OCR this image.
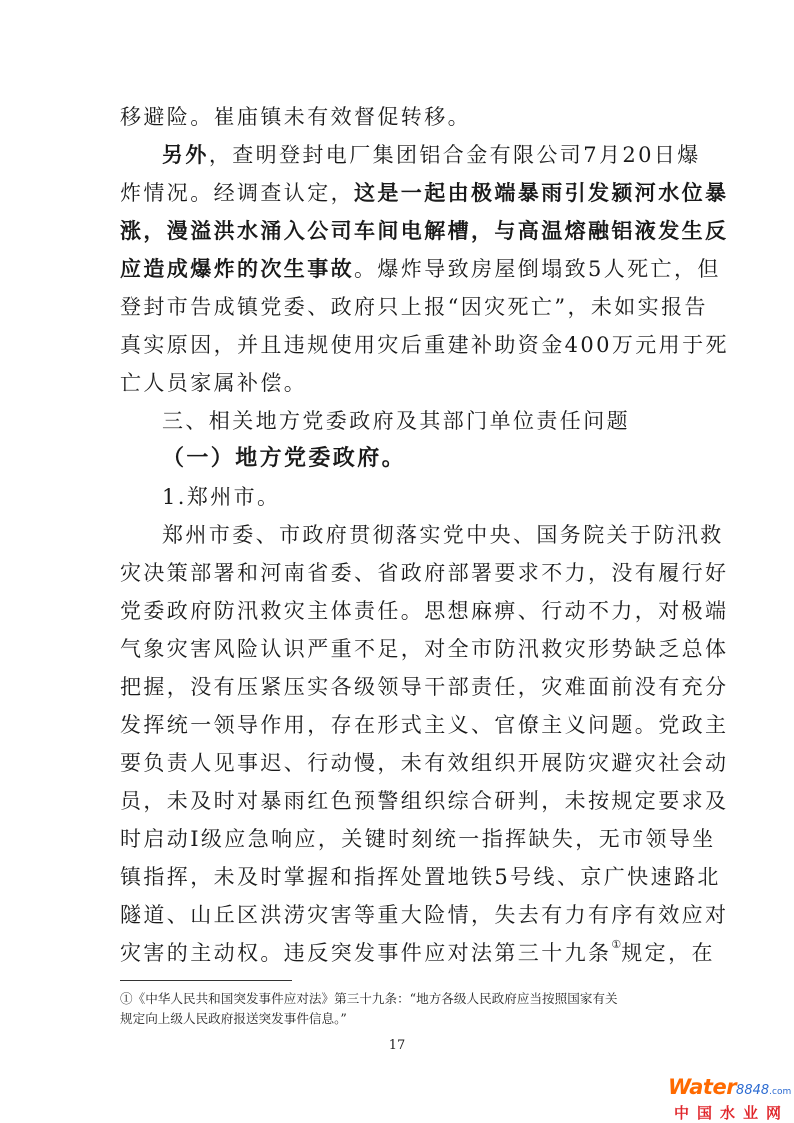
移避险。崔庙镇未有效督促转移。
另外，查明登封电厂集团铝合金有限公司7月20日爆
炸情况。经调查认定，这是一起由极端暴雨引发颍河水位暴
涨，漫溢洪水涌入公司车间电解槽，与高温熔融铝液发生反
应造成爆炸的次生事故。爆炸导致房屋倒塌致5人死亡，但
登封市告成镇党委、政府只上报“因灾死亡”，未如实报告
真实原因，并且违规使用灾后重建补助资金400万元用于死
亡人员家属补偿。
三、相关地方党委政府及其部门单位责任问题
（一）地方党委政府。
1.郑州市。
郑州市委、市政府贯彻落实党中央、国务院关于防汛救
灾决策部署和河南省委、省政府部署要求不力，没有履行好
党委政府防汛救灾主体责任。思想麻痹、行动不力，对极端
气象灾害风险认识严重不足，对全市防汛救灾形势缺乏总体
把握，没有压紧压实各级领导干部责任，灾难面前没有充分
发挥统一领导作用，存在形式主义、官僚主义问题。党政主
要负责人见事迟、行动慢，未有效组织开展防灾避灾社会动
员，未及时对暴雨红色预警组织综合研判，未按规定要求及
时启动Ⅰ级应急响应，关键时刻统一指挥缺失，无市领导坐
镇指挥，未及时掌握和指挥处置地铁5号线、京广快速路北
隧道、山丘区洪涝灾害等重大险情，失去有力有序有效应对
灾害的主动权。违反突发事件应对法第三十九条①规定，在
①《中华人民共和国突发事件应对法》第三十九条：“地方各级人民政府应当按照国家有关
规定向上级人民政府报送突发事件信息。”
17
Water8848.com
中国水业网
